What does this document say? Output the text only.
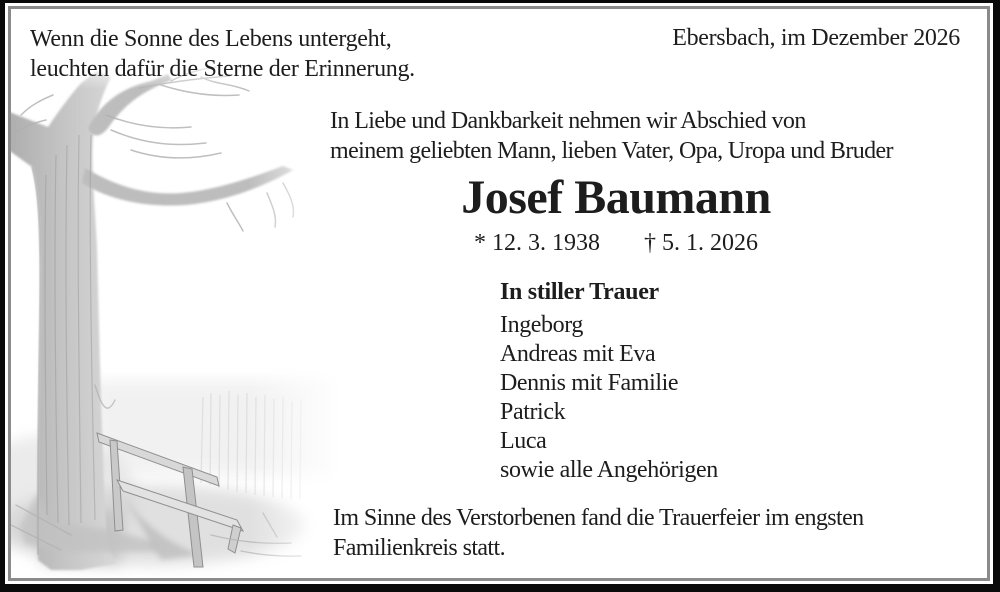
Wenn die Sonne des Lebens untergeht,
leuchten dafür die Sterne der Erinnerung.
Ebersbach, im Dezember 2026
In Liebe und Dankbarkeit nehmen wir Abschied von
meinem geliebten Mann, lieben Vater, Opa, Uropa und Bruder
Josef Baumann
* 12. 3. 1938 † 5. 1. 2026
In stiller Trauer
Ingeborg
Andreas mit Eva
Dennis mit Familie
Patrick
Luca
sowie alle Angehörigen
Im Sinne des Verstorbenen fand die Trauerfeier im engsten
Familienkreis statt.
